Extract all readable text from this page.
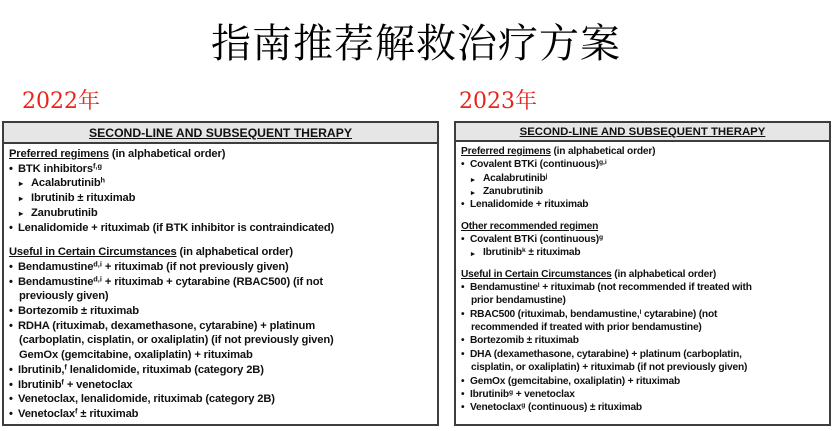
指南推荐解救治疗方案
2022年	2023年
SECOND-LINE AND SUBSEQUENT THERAPY
Preferred regimens (in alphabetical order)
• BTK inhibitors$^{f,g}$
▸ Acalabrutinib$^h$
▸ Ibrutinib ± rituximab
▸ Zanubrutinib
• Lenalidomide + rituximab (if BTK inhibitor is contraindicated)
Useful in Certain Circumstances (in alphabetical order)
• Bendamustine$^{d,i}$ + rituximab (if not previously given)
• Bendamustine$^{d,i}$ + rituximab + cytarabine (RBAC500) (if not
previously given)
• Bortezomib ± rituximab
• RDHA (rituximab, dexamethasone, cytarabine) + platinum
(carboplatin, cisplatin, or oxaliplatin) (if not previously given)
GemOx (gemcitabine, oxaliplatin) + rituximab
• Ibrutinib,$^f$ lenalidomide, rituximab (category 2B)
• Ibrutinib$^f$ + venetoclax
• Venetoclax, lenalidomide, rituximab (category 2B)
• Venetoclax$^f$ ± rituximab
SECOND-LINE AND SUBSEQUENT THERAPY
Preferred regimens (in alphabetical order)
• Covalent BTKi (continuous)$^{g,i}$
▸ Acalabrutinib$^j$
▸ Zanubrutinib
• Lenalidomide + rituximab
Other recommended regimen
• Covalent BTKi (continuous)$^g$
▸ Ibrutinib$^k$ ± rituximab
Useful in Certain Circumstances (in alphabetical order)
• Bendamustine$^l$ + rituximab (not recommended if treated with
prior bendamustine)
• RBAC500 (rituximab, bendamustine,$^l$ cytarabine) (not
recommended if treated with prior bendamustine)
• Bortezomib ± rituximab
• DHA (dexamethasone, cytarabine) + platinum (carboplatin,
cisplatin, or oxaliplatin) + rituximab (if not previously given)
• GemOx (gemcitabine, oxaliplatin) + rituximab
• Ibrutinib$^g$ + venetoclax
• Venetoclax$^g$ (continuous) ± rituximab
